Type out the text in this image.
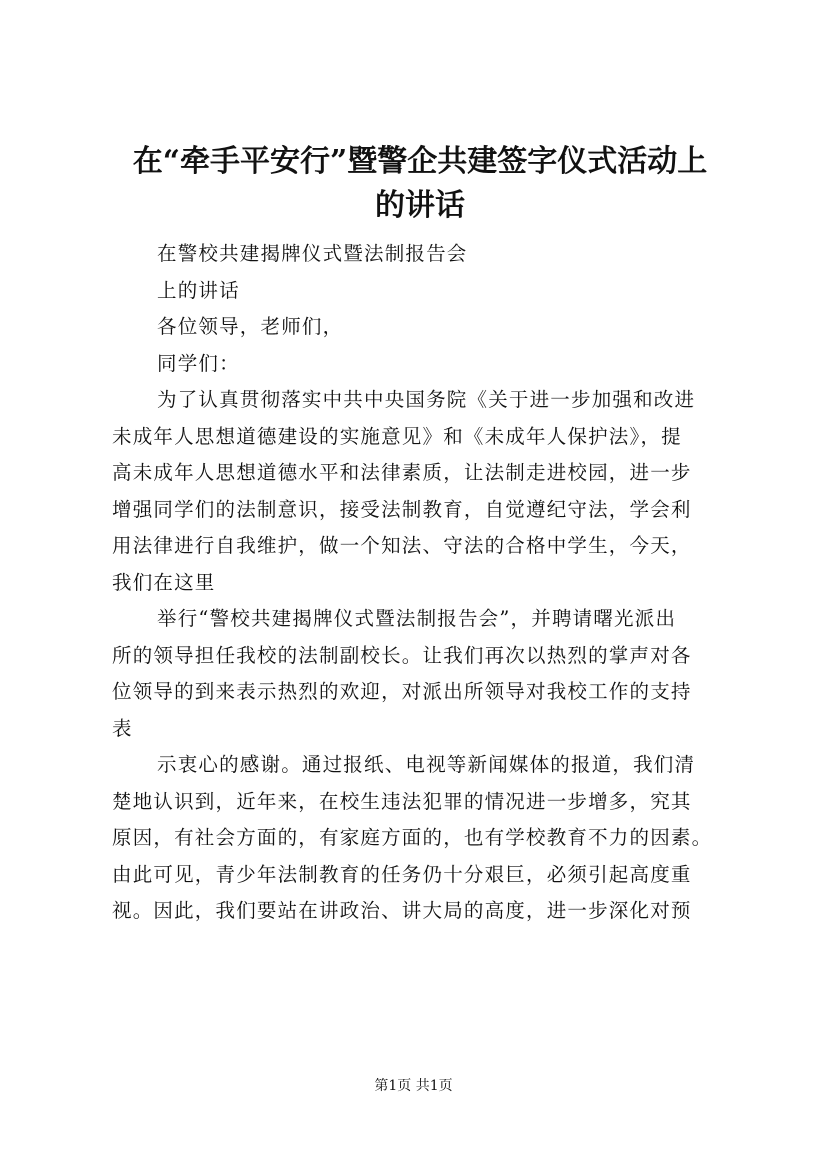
在“牵手平安行”暨警企共建签字仪式活动上
的讲话
在警校共建揭牌仪式暨法制报告会
上的讲话
各位领导，老师们，
同学们：
为了认真贯彻落实中共中央国务院《关于进一步加强和改进
未成年人思想道德建设的实施意见》和《未成年人保护法》，提
高未成年人思想道德水平和法律素质，让法制走进校园，进一步
增强同学们的法制意识，接受法制教育，自觉遵纪守法，学会利
用法律进行自我维护，做一个知法、守法的合格中学生，今天，
我们在这里
举行“警校共建揭牌仪式暨法制报告会”，并聘请曙光派出
所的领导担任我校的法制副校长。让我们再次以热烈的掌声对各
位领导的到来表示热烈的欢迎，对派出所领导对我校工作的支持
表
示衷心的感谢。通过报纸、电视等新闻媒体的报道，我们清
楚地认识到，近年来，在校生违法犯罪的情况进一步增多，究其
原因，有社会方面的，有家庭方面的，也有学校教育不力的因素。
由此可见，青少年法制教育的任务仍十分艰巨，必须引起高度重
视。因此，我们要站在讲政治、讲大局的高度，进一步深化对预
第1页 共1页
